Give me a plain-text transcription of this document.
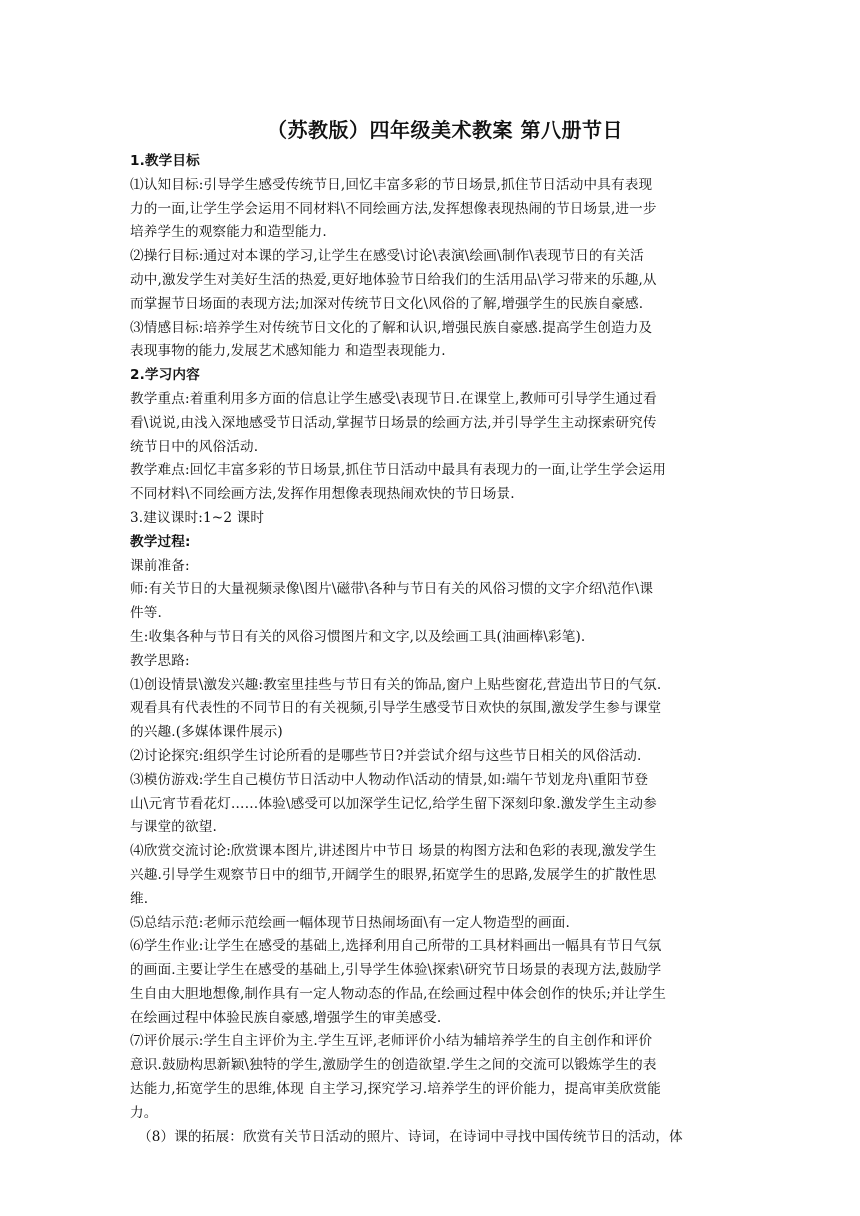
（苏教版）四年级美术教案 第八册节日
1.教学目标
⑴认知目标:引导学生感受传统节日,回忆丰富多彩的节日场景,抓住节日活动中具有表现
力的一面,让学生学会运用不同材料\不同绘画方法,发挥想像表现热闹的节日场景,进一步
培养学生的观察能力和造型能力.
⑵操行目标:通过对本课的学习,让学生在感受\讨论\表演\绘画\制作\表现节日的有关活
动中,激发学生对美好生活的热爱,更好地体验节日给我们的生活用品\学习带来的乐趣,从
而掌握节日场面的表现方法;加深对传统节日文化\风俗的了解,增强学生的民族自豪感.
⑶情感目标:培养学生对传统节日文化的了解和认识,增强民族自豪感.提高学生创造力及
表现事物的能力,发展艺术感知能力 和造型表现能力.
2.学习内容
教学重点:着重利用多方面的信息让学生感受\表现节日.在课堂上,教师可引导学生通过看
看\说说,由浅入深地感受节日活动,掌握节日场景的绘画方法,并引导学生主动探索研究传
统节日中的风俗活动.
教学难点:回忆丰富多彩的节日场景,抓住节日活动中最具有表现力的一面,让学生学会运用
不同材料\不同绘画方法,发挥作用想像表现热闹欢快的节日场景.
3.建议课时:1~2 课时
教学过程:
课前准备:
师:有关节日的大量视频录像\图片\磁带\各种与节日有关的风俗习惯的文字介绍\范作\课
件等.
生:收集各种与节日有关的风俗习惯图片和文字,以及绘画工具(油画棒\彩笔).
教学思路:
⑴创设情景\激发兴趣:教室里挂些与节日有关的饰品,窗户上贴些窗花,营造出节日的气氛.
观看具有代表性的不同节日的有关视频,引导学生感受节日欢快的氛围,激发学生参与课堂
的兴趣.(多媒体课件展示)
⑵讨论探究:组织学生讨论所看的是哪些节日?并尝试介绍与这些节日相关的风俗活动.
⑶模仿游戏:学生自己模仿节日活动中人物动作\活动的情景,如:端午节划龙舟\重阳节登
山\元宵节看花灯……体验\感受可以加深学生记忆,给学生留下深刻印象.激发学生主动参
与课堂的欲望.
⑷欣赏交流讨论:欣赏课本图片,讲述图片中节日 场景的构图方法和色彩的表现,激发学生
兴趣.引导学生观察节日中的细节,开阔学生的眼界,拓宽学生的思路,发展学生的扩散性思
维.
⑸总结示范:老师示范绘画一幅体现节日热闹场面\有一定人物造型的画面.
⑹学生作业:让学生在感受的基础上,选择利用自己所带的工具材料画出一幅具有节日气氛
的画面.主要让学生在感受的基础上,引导学生体验\探索\研究节日场景的表现方法,鼓励学
生自由大胆地想像,制作具有一定人物动态的作品,在绘画过程中体会创作的快乐;并让学生
在绘画过程中体验民族自豪感,增强学生的审美感受.
⑺评价展示:学生自主评价为主.学生互评,老师评价小结为辅培养学生的自主创作和评价
意识.鼓励构思新颖\独特的学生,激励学生的创造欲望.学生之间的交流可以锻炼学生的表
达能力,拓宽学生的思维,体现 自主学习,探究学习.培养学生的评价能力，提高审美欣赏能
力。
（8）课的拓展：欣赏有关节日活动的照片、诗词，在诗词中寻找中国传统节日的活动，体
